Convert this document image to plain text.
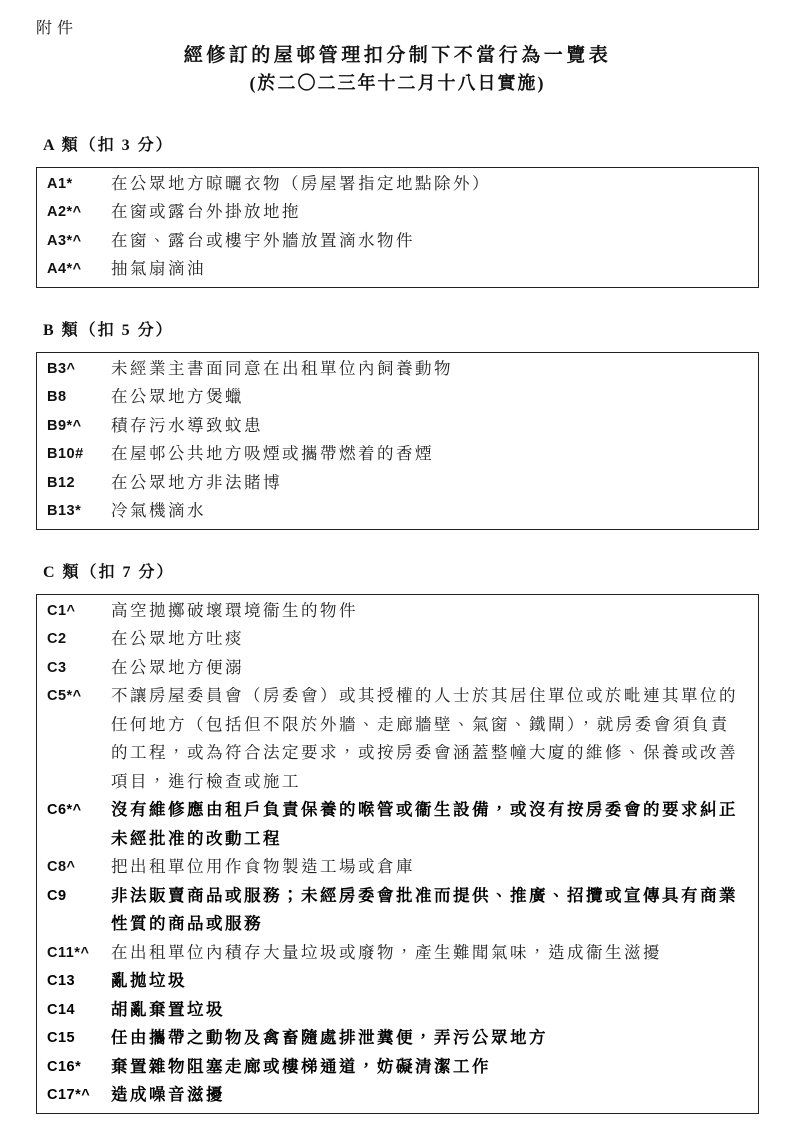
附件
經修訂的屋邨管理扣分制下不當行為一覽表
(於二〇二三年十二月十八日實施)
A 類（扣 3 分）
A1*	在公眾地方晾曬衣物（房屋署指定地點除外）
A2*^	在窗或露台外掛放地拖
A3*^	在窗、露台或樓宇外牆放置滴水物件
A4*^	抽氣扇滴油
B 類（扣 5 分）
B3^	未經業主書面同意在出租單位內飼養動物
B8	在公眾地方煲蠟
B9*^	積存污水導致蚊患
B10#	在屋邨公共地方吸煙或攜帶燃着的香煙
B12	在公眾地方非法賭博
B13*	冷氣機滴水
C 類（扣 7 分）
C1^	高空拋擲破壞環境衞生的物件
C2	在公眾地方吐痰
C3	在公眾地方便溺
C5*^	不讓房屋委員會（房委會）或其授權的人士於其居住單位或於毗連其單位的任何地方（包括但不限於外牆、走廊牆壁、氣窗、鐵閘），就房委會須負責的工程，或為符合法定要求，或按房委會涵蓋整幢大廈的維修、保養或改善項目，進行檢查或施工
C6*^	沒有維修應由租戶負責保養的喉管或衞生設備，或沒有按房委會的要求糾正未經批准的改動工程
C8^	把出租單位用作食物製造工場或倉庫
C9	非法販賣商品或服務；未經房委會批准而提供、推廣、招攬或宣傳具有商業性質的商品或服務
C11*^	在出租單位內積存大量垃圾或廢物，產生難聞氣味，造成衞生滋擾
C13	亂拋垃圾
C14	胡亂棄置垃圾
C15	任由攜帶之動物及禽畜隨處排泄糞便，弄污公眾地方
C16*	棄置雜物阻塞走廊或樓梯通道，妨礙清潔工作
C17*^	造成噪音滋擾
